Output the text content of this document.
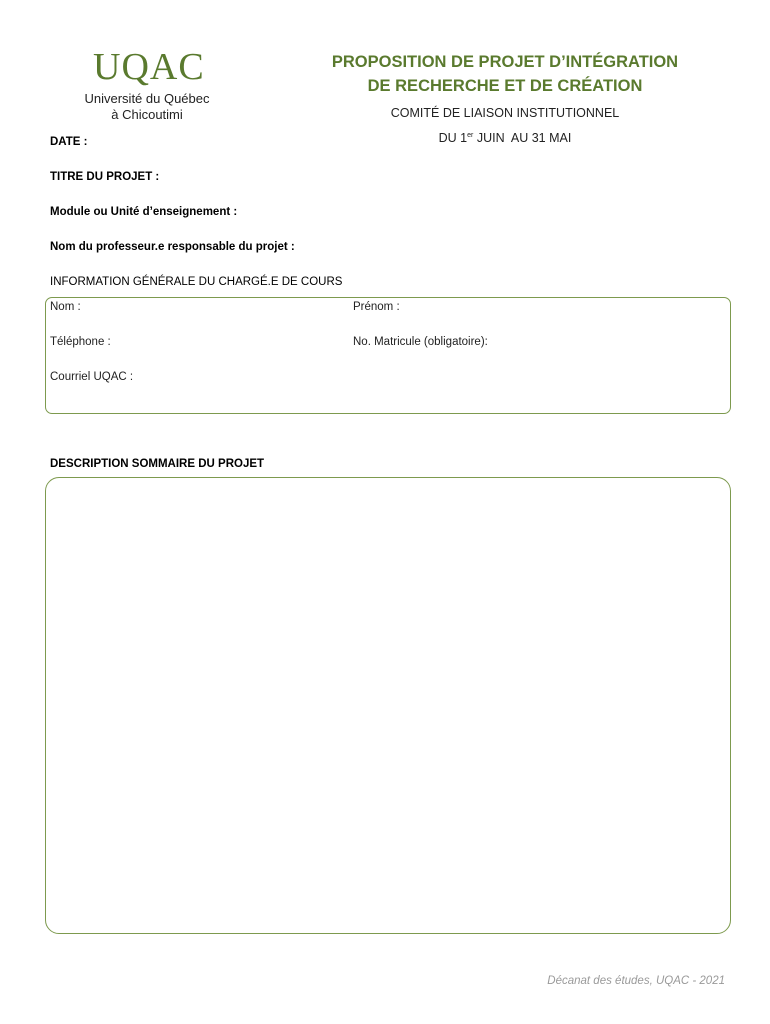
UQAC
Université du Québec
à Chicoutimi
PROPOSITION DE PROJET D’INTÉGRATION
DE RECHERCHE ET DE CRÉATION
COMITÉ DE LIAISON INSTITUTIONNEL
DU 1er JUIN  AU 31 MAI
DATE :
TITRE DU PROJET :
Module ou Unité d’enseignement :
Nom du professeur.e responsable du projet :
INFORMATION GÉNÉRALE DU CHARGÉ.E DE COURS
Nom :	Prénom :
Téléphone :	No. Matricule (obligatoire):
Courriel UQAC :
DESCRIPTION SOMMAIRE DU PROJET
Décanat des études, UQAC - 2021
